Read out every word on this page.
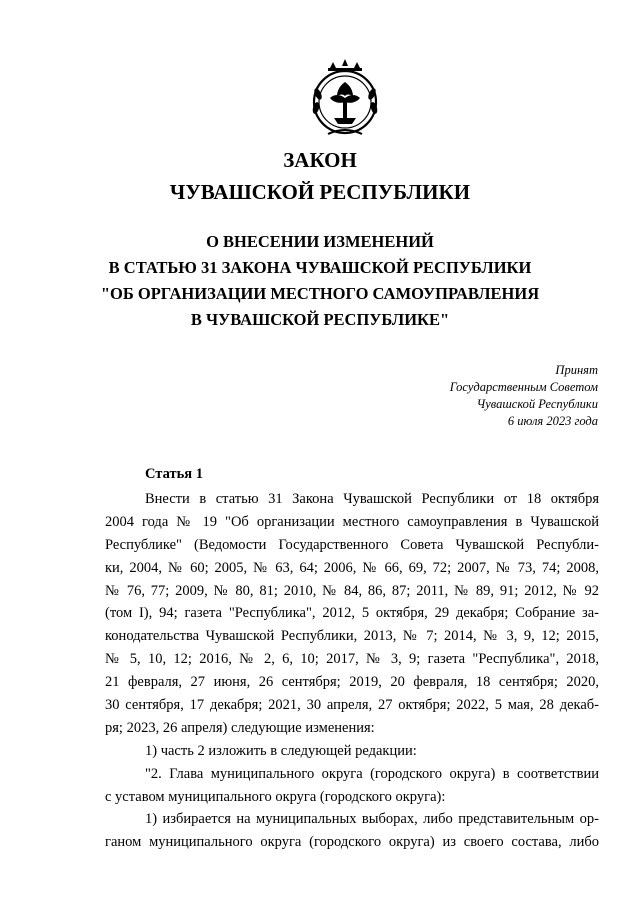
ЗАКОН
ЧУВАШСКОЙ РЕСПУБЛИКИ
О ВНЕСЕНИИ ИЗМЕНЕНИЙ
В СТАТЬЮ 31 ЗАКОНА ЧУВАШСКОЙ РЕСПУБЛИКИ
"ОБ ОРГАНИЗАЦИИ МЕСТНОГО САМОУПРАВЛЕНИЯ
В ЧУВАШСКОЙ РЕСПУБЛИКЕ"
Принят
Государственным Советом
Чувашской Республики
6 июля 2023 года
Статья 1
Внести в статью 31 Закона Чувашской Республики от 18 октября
2004 года № 19 "Об организации местного самоуправления в Чувашской
Республике" (Ведомости Государственного Совета Чувашской Республи-
ки, 2004, № 60; 2005, № 63, 64; 2006, № 66, 69, 72; 2007, № 73, 74; 2008,
№ 76, 77; 2009, № 80, 81; 2010, № 84, 86, 87; 2011, № 89, 91; 2012, № 92
(том I), 94; газета "Республика", 2012, 5 октября, 29 декабря; Собрание за-
конодательства Чувашской Республики, 2013, № 7; 2014, № 3, 9, 12; 2015,
№ 5, 10, 12; 2016, № 2, 6, 10; 2017, № 3, 9; газета "Республика", 2018,
21 февраля, 27 июня, 26 сентября; 2019, 20 февраля, 18 сентября; 2020,
30 сентября, 17 декабря; 2021, 30 апреля, 27 октября; 2022, 5 мая, 28 декаб-
ря; 2023, 26 апреля) следующие изменения:
1) часть 2 изложить в следующей редакции:
"2. Глава муниципального округа (городского округа) в соответствии
с уставом муниципального округа (городского округа):
1) избирается на муниципальных выборах, либо представительным ор-
ганом муниципального округа (городского округа) из своего состава, либо
